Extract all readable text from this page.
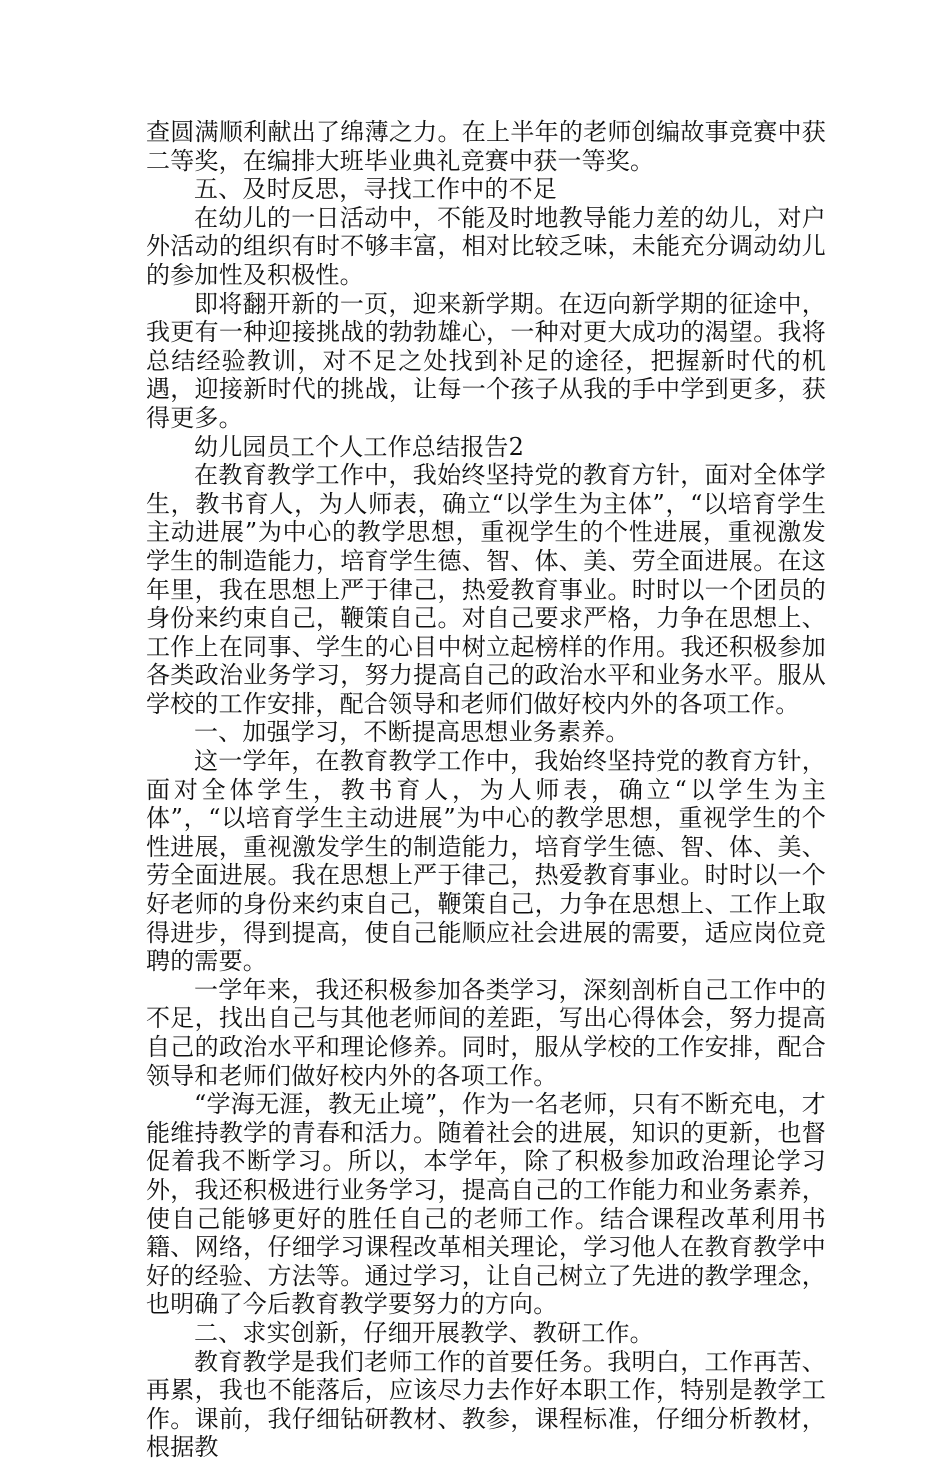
查圆满顺利献出了绵薄之力。在上半年的老师创编故事竞赛中获二等奖，在编排大班毕业典礼竞赛中获一等奖。

五、及时反思，寻找工作中的不足

在幼儿的一日活动中，不能及时地教导能力差的幼儿，对户外活动的组织有时不够丰富，相对比较乏味，未能充分调动幼儿的参加性及积极性。

即将翻开新的一页，迎来新学期。在迈向新学期的征途中，我更有一种迎接挑战的勃勃雄心，一种对更大成功的渴望。我将总结经验教训，对不足之处找到补足的途径，把握新时代的机遇，迎接新时代的挑战，让每一个孩子从我的手中学到更多，获得更多。

幼儿园员工个人工作总结报告2

在教育教学工作中，我始终坚持党的教育方针，面对全体学生，教书育人，为人师表，确立“以学生为主体”，“以培育学生主动进展”为中心的教学思想，重视学生的个性进展，重视激发学生的制造能力，培育学生德、智、体、美、劳全面进展。在这年里，我在思想上严于律己，热爱教育事业。时时以一个团员的身份来约束自己，鞭策自己。对自己要求严格，力争在思想上、工作上在同事、学生的心目中树立起榜样的作用。我还积极参加各类政治业务学习，努力提高自己的政治水平和业务水平。服从学校的工作安排，配合领导和老师们做好校内外的各项工作。

一、加强学习，不断提高思想业务素养。

这一学年，在教育教学工作中，我始终坚持党的教育方针，面对全体学生，教书育人，为人师表，确立“以学生为主体”，“以培育学生主动进展”为中心的教学思想，重视学生的个性进展，重视激发学生的制造能力，培育学生德、智、体、美、劳全面进展。我在思想上严于律己，热爱教育事业。时时以一个好老师的身份来约束自己，鞭策自己，力争在思想上、工作上取得进步，得到提高，使自己能顺应社会进展的需要，适应岗位竞聘的需要。

一学年来，我还积极参加各类学习，深刻剖析自己工作中的不足，找出自己与其他老师间的差距，写出心得体会，努力提高自己的政治水平和理论修养。同时，服从学校的工作安排，配合领导和老师们做好校内外的各项工作。

“学海无涯，教无止境”，作为一名老师，只有不断充电，才能维持教学的青春和活力。随着社会的进展，知识的更新，也督促着我不断学习。所以，本学年，除了积极参加政治理论学习外，我还积极进行业务学习，提高自己的工作能力和业务素养，使自己能够更好的胜任自己的老师工作。结合课程改革利用书籍、网络，仔细学习课程改革相关理论，学习他人在教育教学中好的经验、方法等。通过学习，让自己树立了先进的教学理念，也明确了今后教育教学要努力的方向。

二、求实创新，仔细开展教学、教研工作。

教育教学是我们老师工作的首要任务。我明白，工作再苦、再累，我也不能落后，应该尽力去作好本职工作，特别是教学工作。课前，我仔细钻研教材、教参，课程标准，仔细分析教材，根据教
